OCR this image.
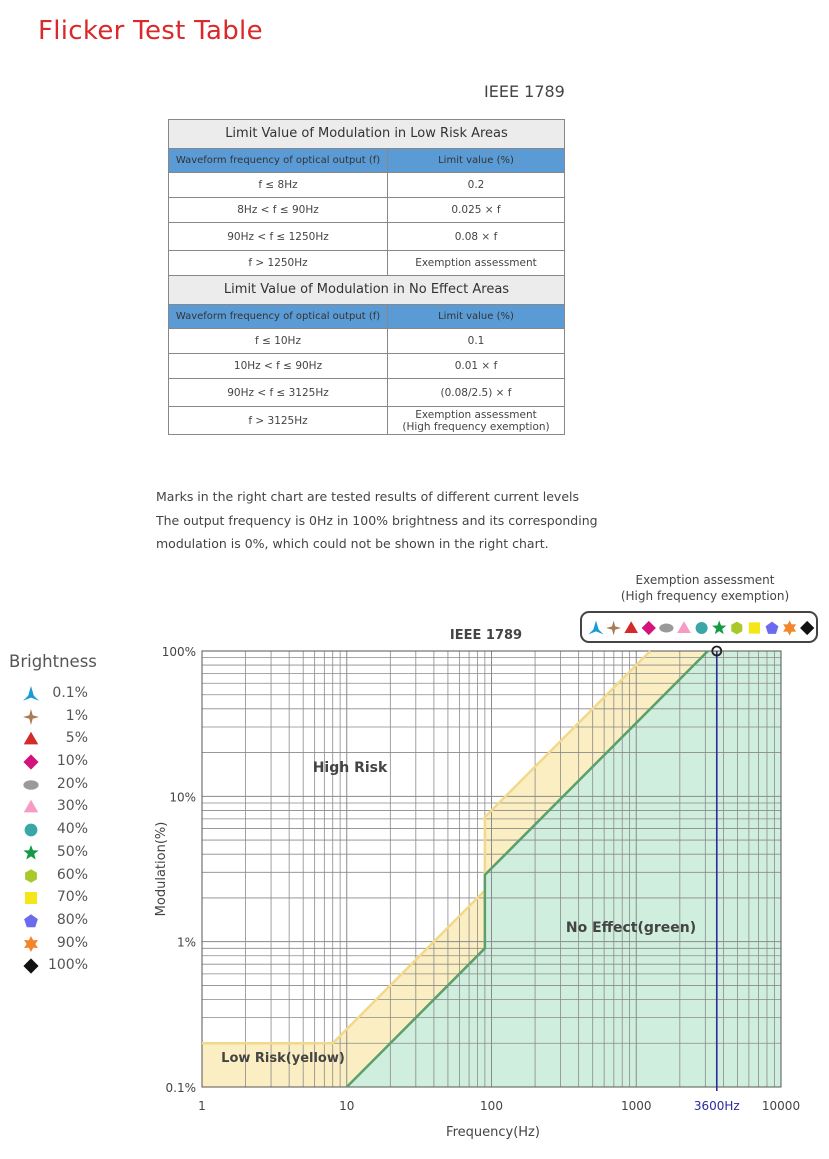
Flicker Test Table
IEEE 1789
Limit Value of Modulation in Low Risk Areas	
Waveform frequency of optical output (f)	Limit value (%)
f ≤ 8Hz	0.2
8Hz < f ≤ 90Hz	0.025 × f
90Hz < f ≤ 1250Hz	0.08 × f
f > 1250Hz	Exemption assessment
Limit Value of Modulation in No Effect Areas	
Waveform frequency of optical output (f)	Limit value (%)
f ≤ 10Hz	0.1
10Hz < f ≤ 90Hz	0.01 × f
90Hz < f ≤ 3125Hz	(0.08/2.5) × f
f > 3125Hz	Exemption assessment
(High frequency exemption)
Marks in the right chart are tested results of different current levels
The output frequency is 0Hz in 100% brightness and its corresponding
modulation is 0%, which could not be shown in the right chart.
Exemption assessment
(High frequency exemption)
Brightness
0.1%
1%
5%
10%
20%
30%
40%
50%
60%
70%
80%
90%
100%
1	10	100	1000	10000
3600Hz
0.1%
1%
10%
100%
Frequency(Hz)
Modulation(%)
IEEE 1789
High Risk
Low Risk(yellow)
No Effect(green)
